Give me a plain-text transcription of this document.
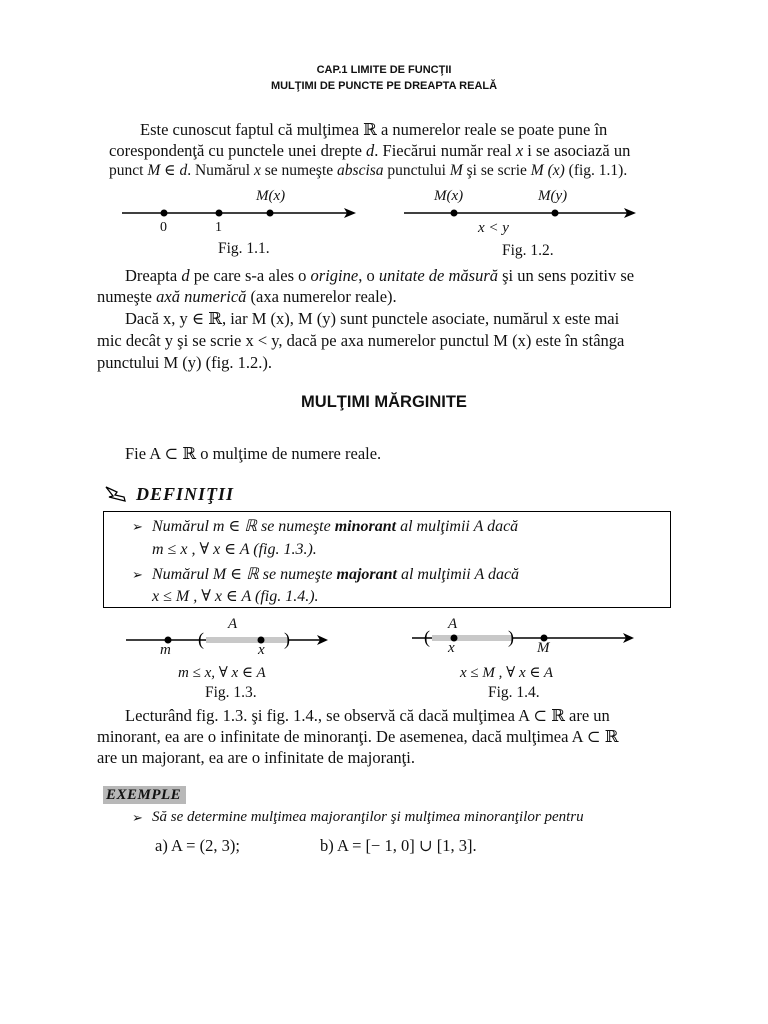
CAP.1 LIMITE DE FUNCŢII
MULŢIMI DE PUNCTE PE DREAPTA REALĂ
Este cunoscut faptul că mulţimea ℝ a numerelor reale se poate pune în
corespondenţă cu punctele unei drepte d. Fiecărui număr real x i se asociază un
punct M ∈ d. Numărul x se numeşte abscisa punctului M şi se scrie M (x) (fig. 1.1).
0	1
M(x)
Fig. 1.1.
M(x)	M(y)
x < y
Fig. 1.2.
Dreapta d pe care s-a ales o origine, o unitate de măsură şi un sens pozitiv se
numeşte axă numerică (axa numerelor reale).
Dacă x, y ∈ ℝ, iar M (x), M (y) sunt punctele asociate, numărul x este mai
mic decât y şi se scrie x < y, dacă pe axa numerelor punctul M (x) este în stânga
punctului M (y) (fig. 1.2.).
MULŢIMI MĂRGINITE
Fie A ⊂ ℝ o mulţime de numere reale.
DEFINIŢII
➢ Numărul m ∈ ℝ se numeşte minorant al mulţimii A dacă
m ≤ x , ∀ x ∈ A (fig. 1.3.).
➢ Numărul M ∈ ℝ se numeşte majorant al mulţimii A dacă
x ≤ M , ∀ x ∈ A (fig. 1.4.).
(	)
A
m	x
m ≤ x, ∀ x ∈ A
Fig. 1.3.
(	)
A
x	M
x ≤ M , ∀ x ∈ A
Fig. 1.4.
Lecturând fig. 1.3. şi fig. 1.4., se observă că dacă mulţimea A ⊂ ℝ are un
minorant, ea are o infinitate de minoranţi. De asemenea, dacă mulţimea A ⊂ ℝ
are un majorant, ea are o infinitate de majoranţi.
EXEMPLE
➢ Să se determine mulţimea majoranţilor şi mulţimea minoranţilor pentru
a) A = (2, 3);	b) A = [− 1, 0] ∪ [1, 3].
